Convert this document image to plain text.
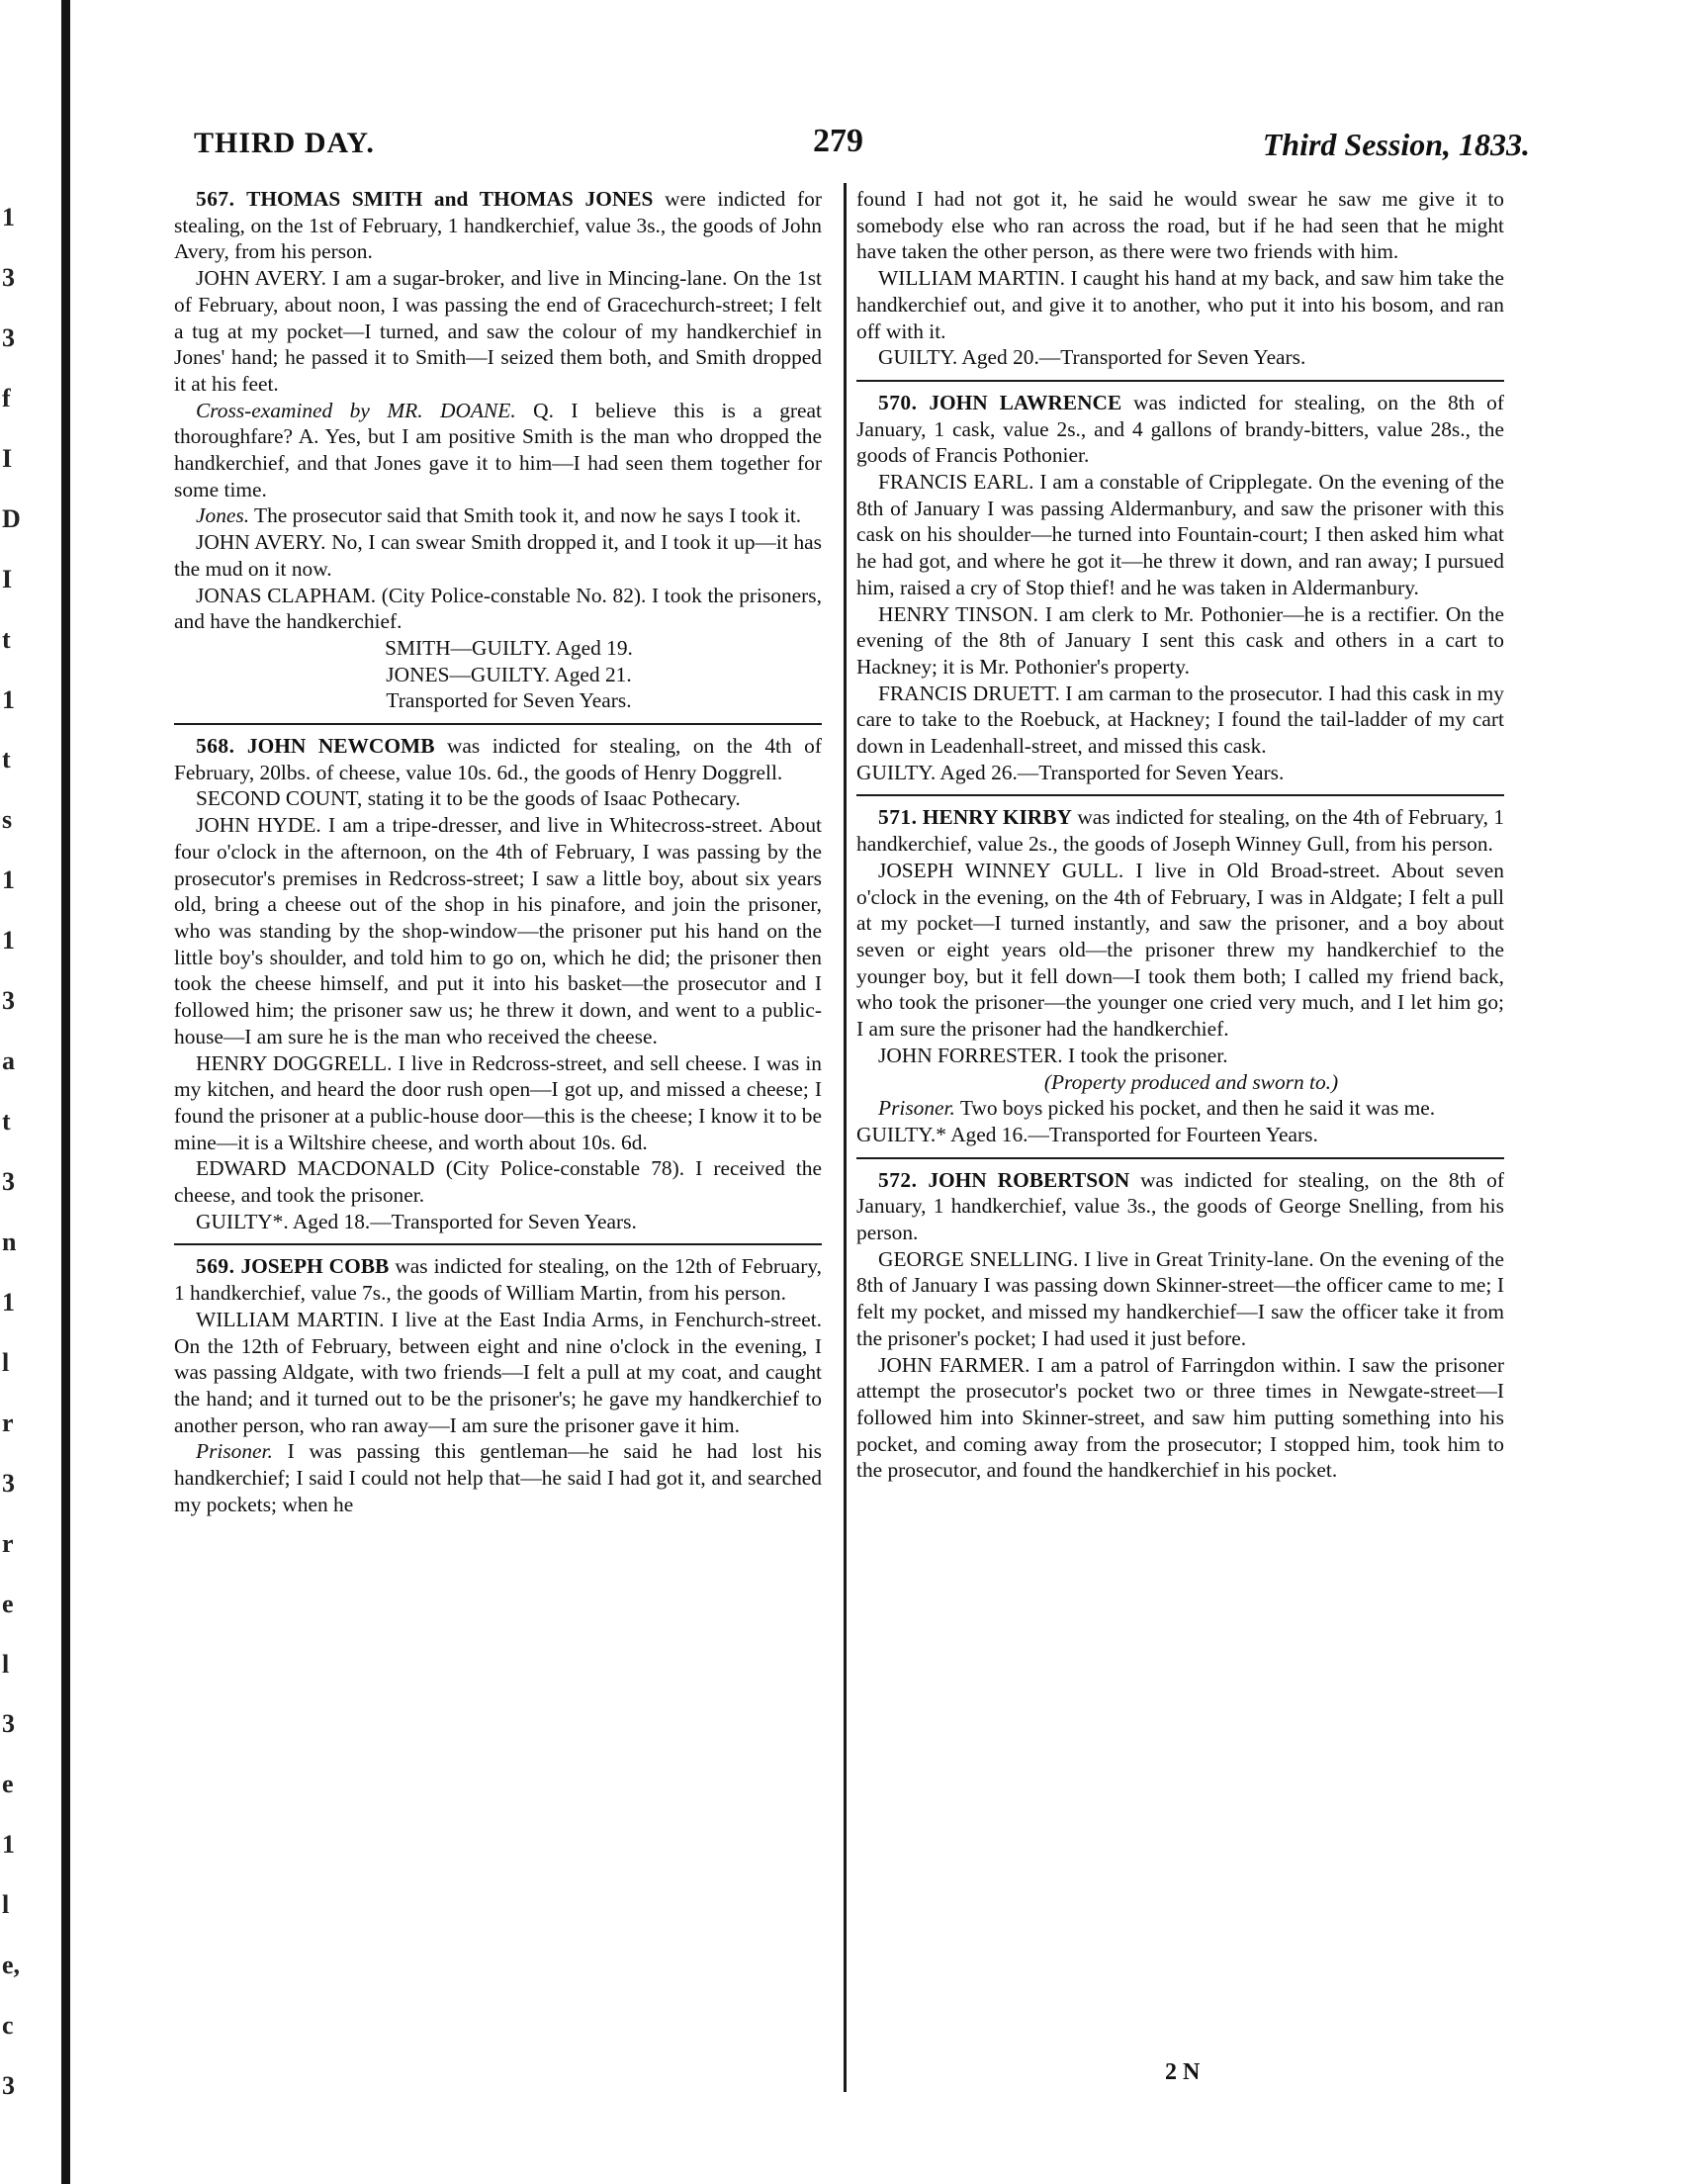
1
3
3
f
I
D
I
t
1
t
s
1
1
3
a
t
3
n
1
l
r
3
r
e
l
3
e
1
l
e,
c
3
THIRD DAY.	279	Third Session, 1833.

567. THOMAS SMITH and THOMAS JONES were indicted for stealing, on the 1st of February, 1 handkerchief, value 3s., the goods of John Avery, from his person.

JOHN AVERY. I am a sugar-broker, and live in Mincing-lane. On the 1st of February, about noon, I was passing the end of Gracechurch-street; I felt a tug at my pocket—I turned, and saw the colour of my handkerchief in Jones' hand; he passed it to Smith—I seized them both, and Smith dropped it at his feet.

Cross-examined by MR. DOANE. Q. I believe this is a great thoroughfare? A. Yes, but I am positive Smith is the man who dropped the handkerchief, and that Jones gave it to him—I had seen them together for some time.

Jones. The prosecutor said that Smith took it, and now he says I took it.

JOHN AVERY. No, I can swear Smith dropped it, and I took it up—it has the mud on it now.

JONAS CLAPHAM. (City Police-constable No. 82). I took the prisoners, and have the handkerchief.

SMITH—GUILTY. Aged 19.

JONES—GUILTY. Aged 21.

Transported for Seven Years.

568. JOHN NEWCOMB was indicted for stealing, on the 4th of February, 20lbs. of cheese, value 10s. 6d., the goods of Henry Doggrell.

SECOND COUNT, stating it to be the goods of Isaac Pothecary.

JOHN HYDE. I am a tripe-dresser, and live in Whitecross-street. About four o'clock in the afternoon, on the 4th of February, I was passing by the prosecutor's premises in Redcross-street; I saw a little boy, about six years old, bring a cheese out of the shop in his pinafore, and join the prisoner, who was standing by the shop-window—the prisoner put his hand on the little boy's shoulder, and told him to go on, which he did; the prisoner then took the cheese himself, and put it into his basket—the prosecutor and I followed him; the prisoner saw us; he threw it down, and went to a public-house—I am sure he is the man who received the cheese.

HENRY DOGGRELL. I live in Redcross-street, and sell cheese. I was in my kitchen, and heard the door rush open—I got up, and missed a cheese; I found the prisoner at a public-house door—this is the cheese; I know it to be mine—it is a Wiltshire cheese, and worth about 10s. 6d.

EDWARD MACDONALD (City Police-constable 78). I received the cheese, and took the prisoner.

GUILTY*. Aged 18.—Transported for Seven Years.

569. JOSEPH COBB was indicted for stealing, on the 12th of February, 1 handkerchief, value 7s., the goods of William Martin, from his person.

WILLIAM MARTIN. I live at the East India Arms, in Fenchurch-street. On the 12th of February, between eight and nine o'clock in the evening, I was passing Aldgate, with two friends—I felt a pull at my coat, and caught the hand; and it turned out to be the prisoner's; he gave my handkerchief to another person, who ran away—I am sure the prisoner gave it him.

Prisoner. I was passing this gentleman—he said he had lost his handkerchief; I said I could not help that—he said I had got it, and searched my pockets; when he

found I had not got it, he said he would swear he saw me give it to somebody else who ran across the road, but if he had seen that he might have taken the other person, as there were two friends with him.

WILLIAM MARTIN. I caught his hand at my back, and saw him take the handkerchief out, and give it to another, who put it into his bosom, and ran off with it.

GUILTY. Aged 20.—Transported for Seven Years.

570. JOHN LAWRENCE was indicted for stealing, on the 8th of January, 1 cask, value 2s., and 4 gallons of brandy-bitters, value 28s., the goods of Francis Pothonier.

FRANCIS EARL. I am a constable of Cripplegate. On the evening of the 8th of January I was passing Aldermanbury, and saw the prisoner with this cask on his shoulder—he turned into Fountain-court; I then asked him what he had got, and where he got it—he threw it down, and ran away; I pursued him, raised a cry of Stop thief! and he was taken in Aldermanbury.

HENRY TINSON. I am clerk to Mr. Pothonier—he is a rectifier. On the evening of the 8th of January I sent this cask and others in a cart to Hackney; it is Mr. Pothonier's property.

FRANCIS DRUETT. I am carman to the prosecutor. I had this cask in my care to take to the Roebuck, at Hackney; I found the tail-ladder of my cart down in Leadenhall-street, and missed this cask.

GUILTY. Aged 26.—Transported for Seven Years.

571. HENRY KIRBY was indicted for stealing, on the 4th of February, 1 handkerchief, value 2s., the goods of Joseph Winney Gull, from his person.

JOSEPH WINNEY GULL. I live in Old Broad-street. About seven o'clock in the evening, on the 4th of February, I was in Aldgate; I felt a pull at my pocket—I turned instantly, and saw the prisoner, and a boy about seven or eight years old—the prisoner threw my handkerchief to the younger boy, but it fell down—I took them both; I called my friend back, who took the prisoner—the younger one cried very much, and I let him go; I am sure the prisoner had the handkerchief.

JOHN FORRESTER. I took the prisoner.

(Property produced and sworn to.)

Prisoner. Two boys picked his pocket, and then he said it was me.

GUILTY.* Aged 16.—Transported for Fourteen Years.

572. JOHN ROBERTSON was indicted for stealing, on the 8th of January, 1 handkerchief, value 3s., the goods of George Snelling, from his person.

GEORGE SNELLING. I live in Great Trinity-lane. On the evening of the 8th of January I was passing down Skinner-street—the officer came to me; I felt my pocket, and missed my handkerchief—I saw the officer take it from the prisoner's pocket; I had used it just before.

JOHN FARMER. I am a patrol of Farringdon within. I saw the prisoner attempt the prosecutor's pocket two or three times in Newgate-street—I followed him into Skinner-street, and saw him putting something into his pocket, and coming away from the prosecutor; I stopped him, took him to the prosecutor, and found the handkerchief in his pocket.

2 N
